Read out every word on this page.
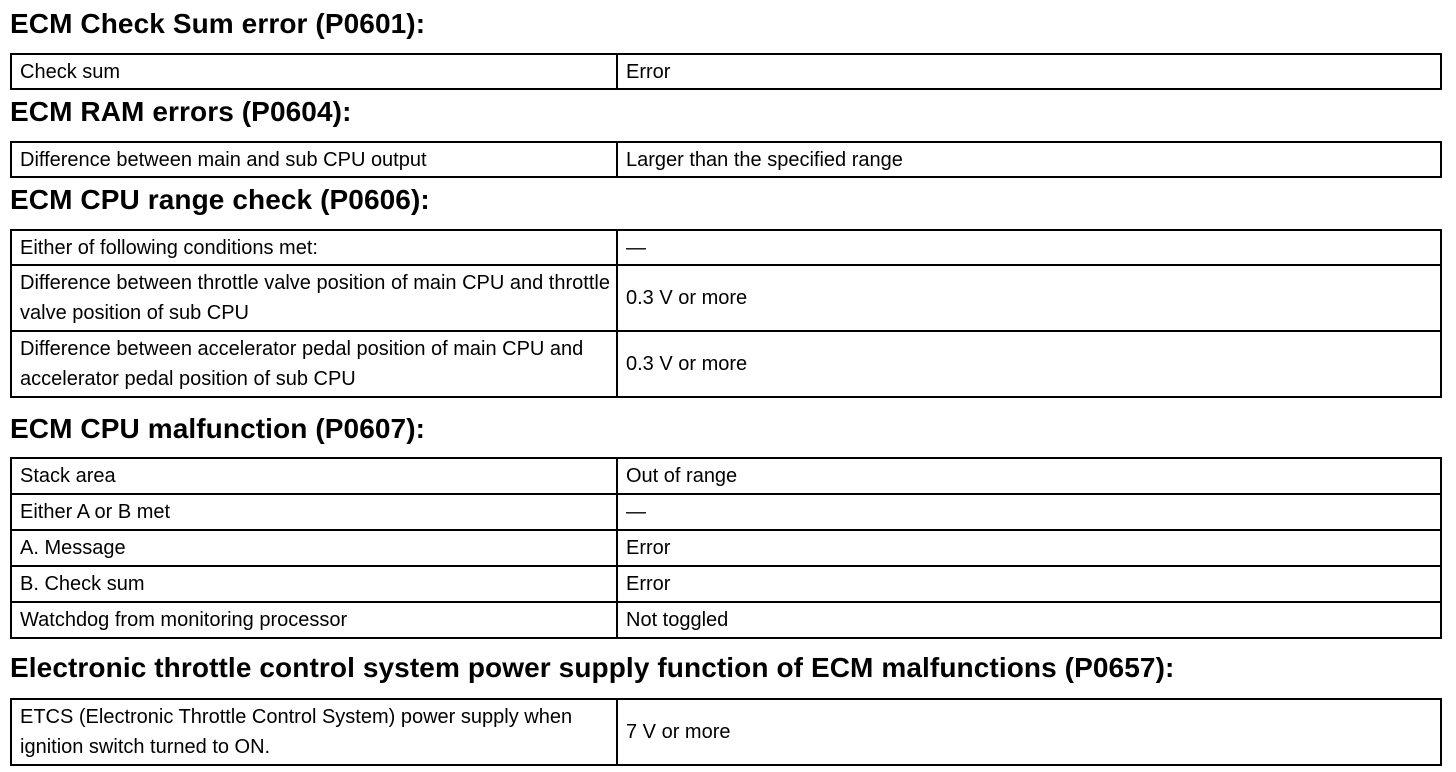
ECM Check Sum error (P0601):
Check sum	Error
ECM RAM errors (P0604):
Difference between main and sub CPU output	Larger than the specified range
ECM CPU range check (P0606):
Either of following conditions met:	—
Difference between throttle valve position of main CPU and throttle valve position of sub CPU	0.3 V or more
Difference between accelerator pedal position of main CPU and accelerator pedal position of sub CPU	0.3 V or more
ECM CPU malfunction (P0607):
Stack area	Out of range
Either A or B met	—
A. Message	Error
B. Check sum	Error
Watchdog from monitoring processor	Not toggled
Electronic throttle control system power supply function of ECM malfunctions (P0657):
ETCS (Electronic Throttle Control System) power supply when ignition switch turned to ON.	7 V or more
